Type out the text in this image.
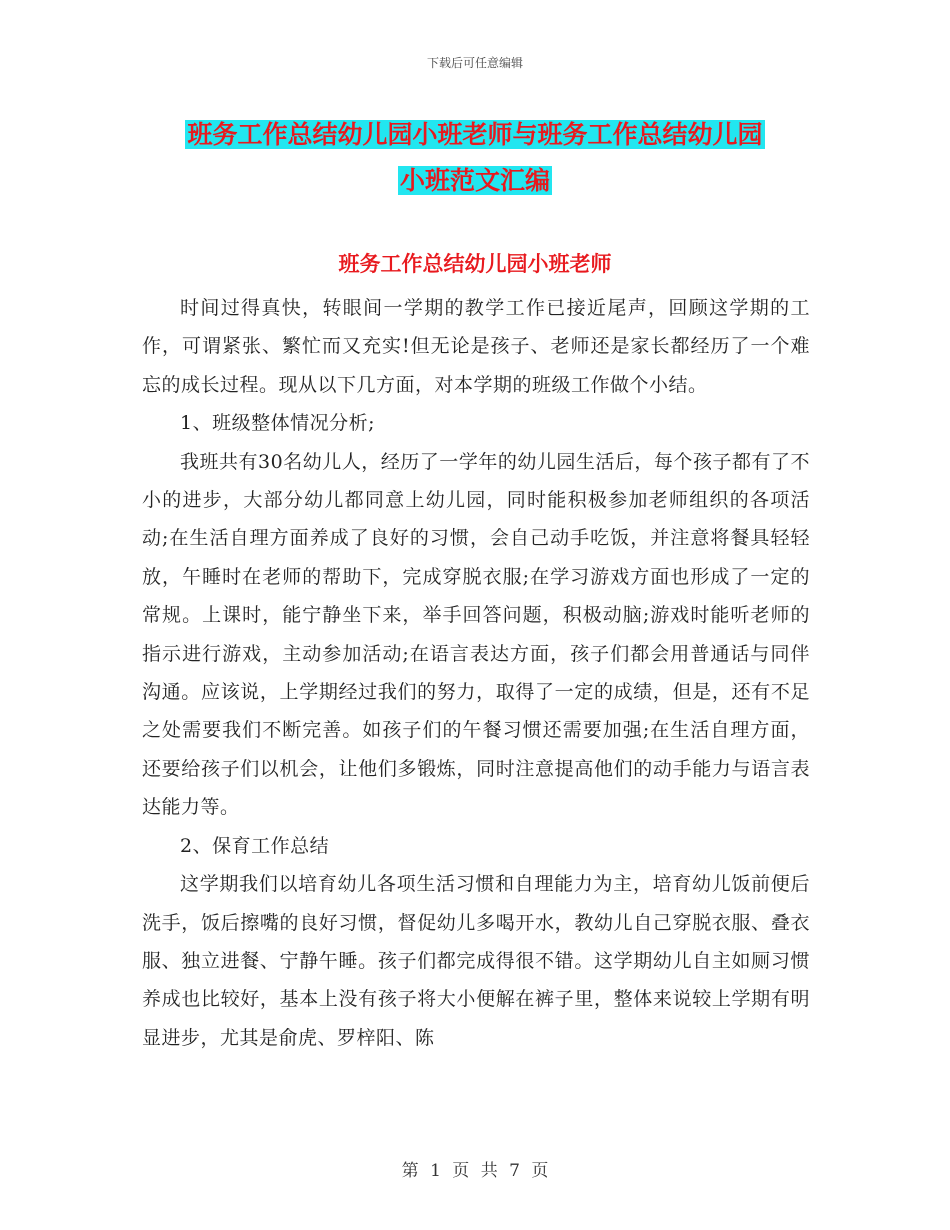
下载后可任意编辑
班务工作总结幼儿园小班老师与班务工作总结幼儿园
小班范文汇编
班务工作总结幼儿园小班老师

时间过得真快，转眼间一学期的教学工作已接近尾声，回顾这学期的工作，可谓紧张、繁忙而又充实!但无论是孩子、老师还是家长都经历了一个难忘的成长过程。现从以下几方面，对本学期的班级工作做个小结。

1、班级整体情况分析;

我班共有30名幼儿人，经历了一学年的幼儿园生活后，每个孩子都有了不小的进步，大部分幼儿都同意上幼儿园，同时能积极参加老师组织的各项活动;在生活自理方面养成了良好的习惯，会自己动手吃饭，并注意将餐具轻轻放，午睡时在老师的帮助下，完成穿脱衣服;在学习游戏方面也形成了一定的常规。上课时，能宁静坐下来，举手回答问题，积极动脑;游戏时能听老师的指示进行游戏，主动参加活动;在语言表达方面，孩子们都会用普通话与同伴沟通。应该说，上学期经过我们的努力，取得了一定的成绩，但是，还有不足之处需要我们不断完善。如孩子们的午餐习惯还需要加强;在生活自理方面，还要给孩子们以机会，让他们多锻炼，同时注意提高他们的动手能力与语言表达能力等。

2、保育工作总结

这学期我们以培育幼儿各项生活习惯和自理能力为主，培育幼儿饭前便后洗手，饭后擦嘴的良好习惯，督促幼儿多喝开水，教幼儿自己穿脱衣服、叠衣服、独立进餐、宁静午睡。孩子们都完成得很不错。这学期幼儿自主如厕习惯养成也比较好，基本上没有孩子将大小便解在裤子里，整体来说较上学期有明显进步，尤其是俞虎、罗梓阳、陈

第 1 页 共 7 页
